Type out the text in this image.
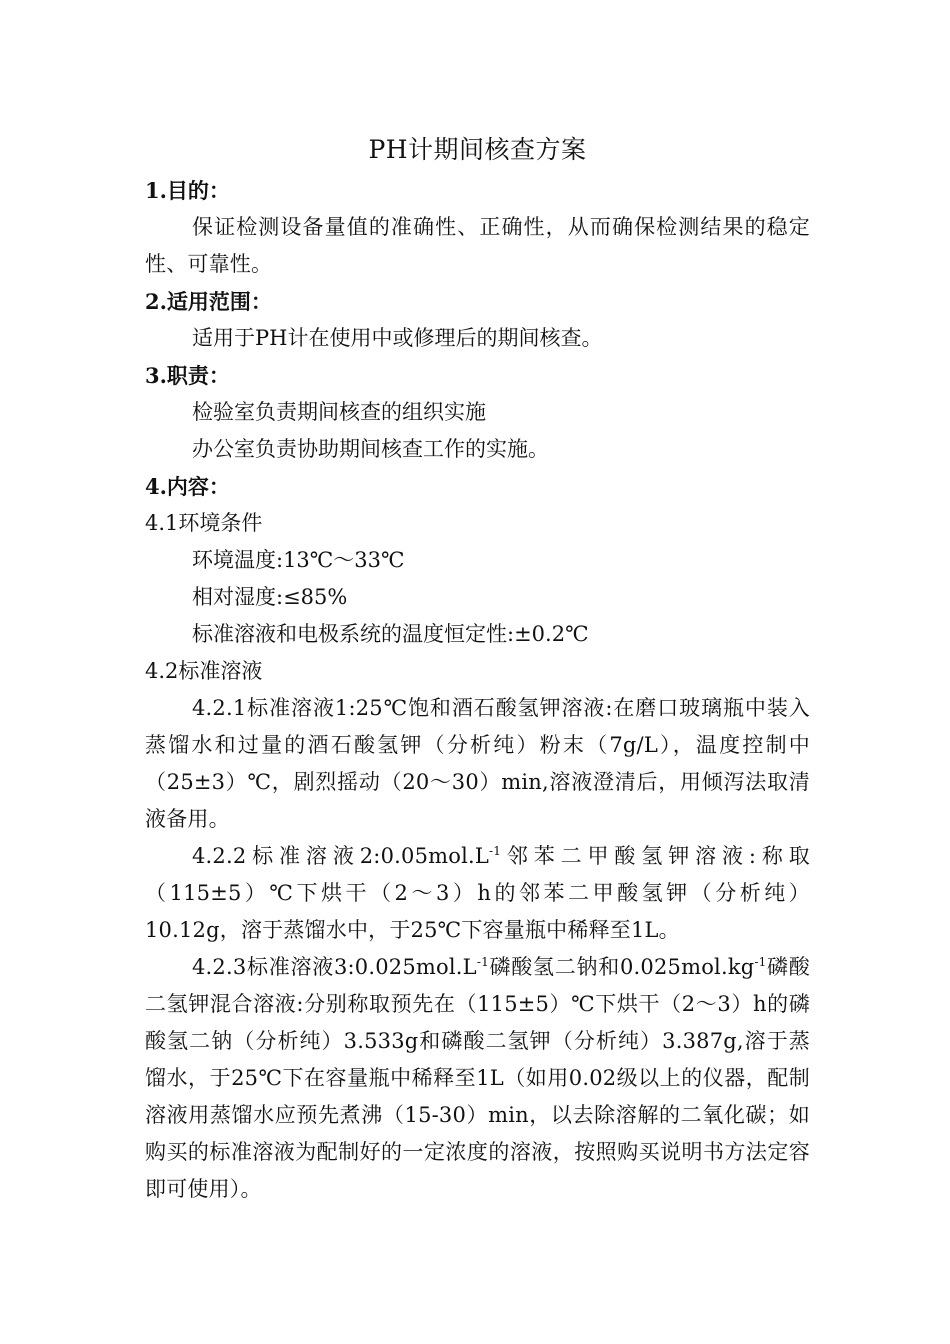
PH计期间核查方案

1.目的：

保证检测设备量值的准确性、正确性，从而确保检测结果的稳定性、可靠性。

2.适用范围：

适用于PH计在使用中或修理后的期间核查。

3.职责：

检验室负责期间核查的组织实施

办公室负责协助期间核查工作的实施。

4.内容：

4.1环境条件

环境温度:13℃～33℃

相对湿度:≤85%

标准溶液和电极系统的温度恒定性:±0.2℃

4.2标准溶液

4.2.1标准溶液1:25℃饱和酒石酸氢钾溶液:在磨口玻璃瓶中装入蒸馏水和过量的酒石酸氢钾（分析纯）粉末（7g/L），温度控制中（25±3）℃，剧烈摇动（20～30）min,溶液澄清后，用倾泻法取清液备用。

4.2.2标准溶液$2:0.05mol.L^{-1}$邻苯二甲酸氢钾溶液:称取（115±5）℃下烘干（2～3）h的邻苯二甲酸氢钾（分析纯）10.12g，溶于蒸馏水中，于25℃下容量瓶中稀释至1L。

4.2.3标准溶液$3:0.025mol.L^{-1}$磷酸氢二钠和$0.025mol.kg^{-1}$磷酸二氢钾混合溶液:分别称取预先在（115±5）℃下烘干（2～3）h的磷酸氢二钠（分析纯）3.533g和磷酸二氢钾（分析纯）3.387g,溶于蒸馏水，于25℃下在容量瓶中稀释至1L（如用0.02级以上的仪器，配制溶液用蒸馏水应预先煮沸（15-30）min，以去除溶解的二氧化碳；如购买的标准溶液为配制好的一定浓度的溶液，按照购买说明书方法定容即可使用）。
